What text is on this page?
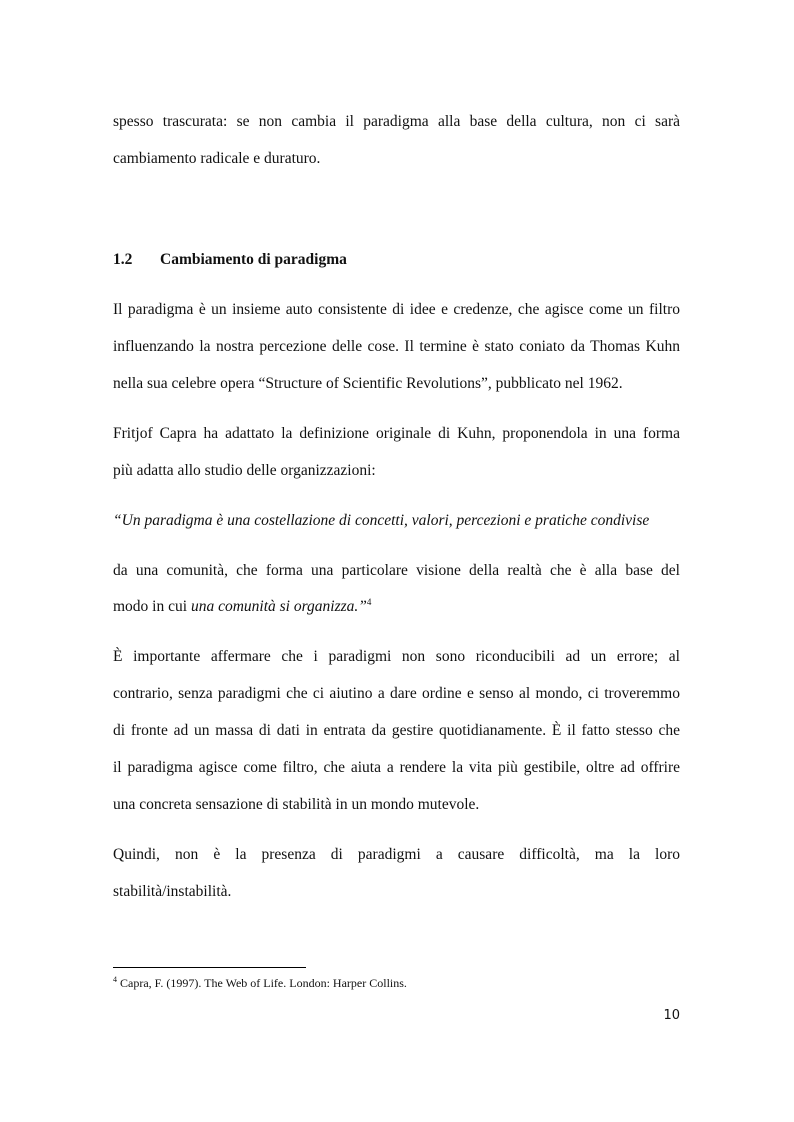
spesso trascurata: se non cambia il paradigma alla base della cultura, non ci sarà
cambiamento radicale e duraturo.
1.2 Cambiamento di paradigma
Il paradigma è un insieme auto consistente di idee e credenze, che agisce come un filtro
influenzando la nostra percezione delle cose. Il termine è stato coniato da Thomas Kuhn
nella sua celebre opera “Structure of Scientific Revolutions”, pubblicato nel 1962.
Fritjof Capra ha adattato la definizione originale di Kuhn, proponendola in una forma
più adatta allo studio delle organizzazioni:
“Un paradigma è una costellazione di concetti, valori, percezioni e pratiche condivise
da una comunità, che forma una particolare visione della realtà che è alla base del
modo in cui una comunità si organizza.”$^4$
È importante affermare che i paradigmi non sono riconducibili ad un errore; al
contrario, senza paradigmi che ci aiutino a dare ordine e senso al mondo, ci troveremmo
di fronte ad un massa di dati in entrata da gestire quotidianamente. È il fatto stesso che
il paradigma agisce come filtro, che aiuta a rendere la vita più gestibile, oltre ad offrire
una concreta sensazione di stabilità in un mondo mutevole.
Quindi, non è la presenza di paradigmi a causare difficoltà, ma la loro
stabilità/instabilità.
$^4$ Capra, F. (1997). The Web of Life. London: Harper Collins.
10
